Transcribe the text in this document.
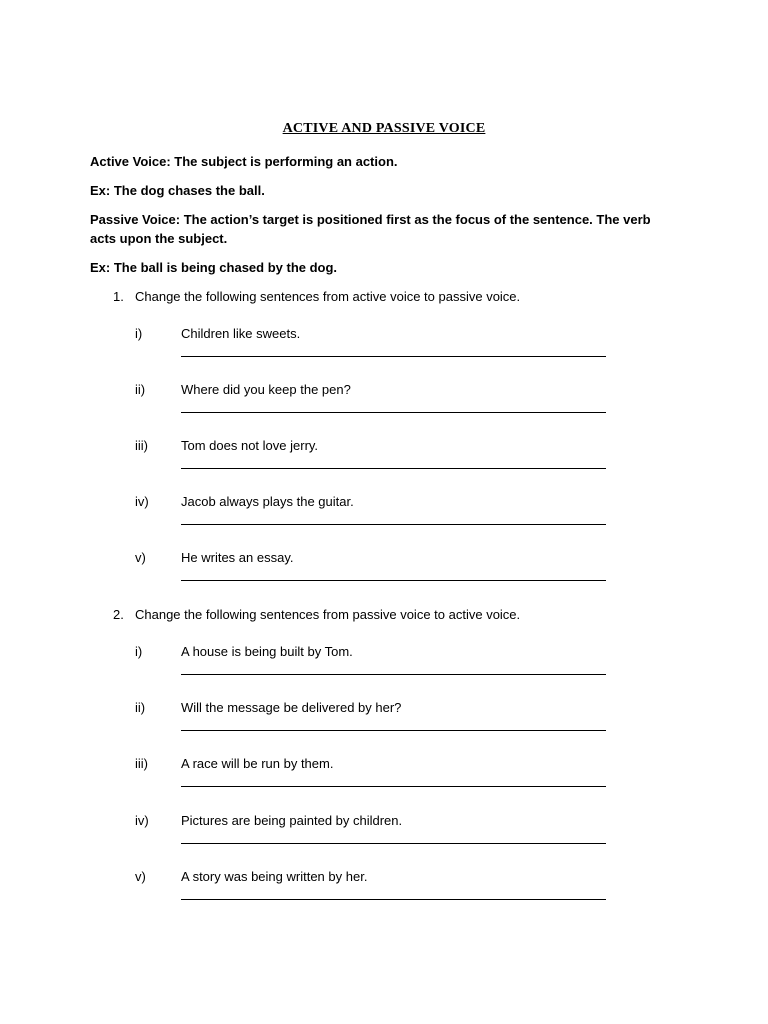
ACTIVE AND PASSIVE VOICE
Active Voice: The subject is performing an action.
Ex: The dog chases the ball.
Passive Voice: The action’s target is positioned first as the focus of the sentence. The verb acts upon the subject.
Ex: The ball is being chased by the dog.
1. Change the following sentences from active voice to passive voice.
i)	Children like sweets.
ii)	Where did you keep the pen?
iii)	Tom does not love jerry.
iv) Jacob always plays the guitar.
v)	He writes an essay.
2. Change the following sentences from passive voice to active voice.
i)	A house is being built by Tom.
ii)	Will the message be delivered by her?
iii)	A race will be run by them.
iv) Pictures are being painted by children.
v)	A story was being written by her.
